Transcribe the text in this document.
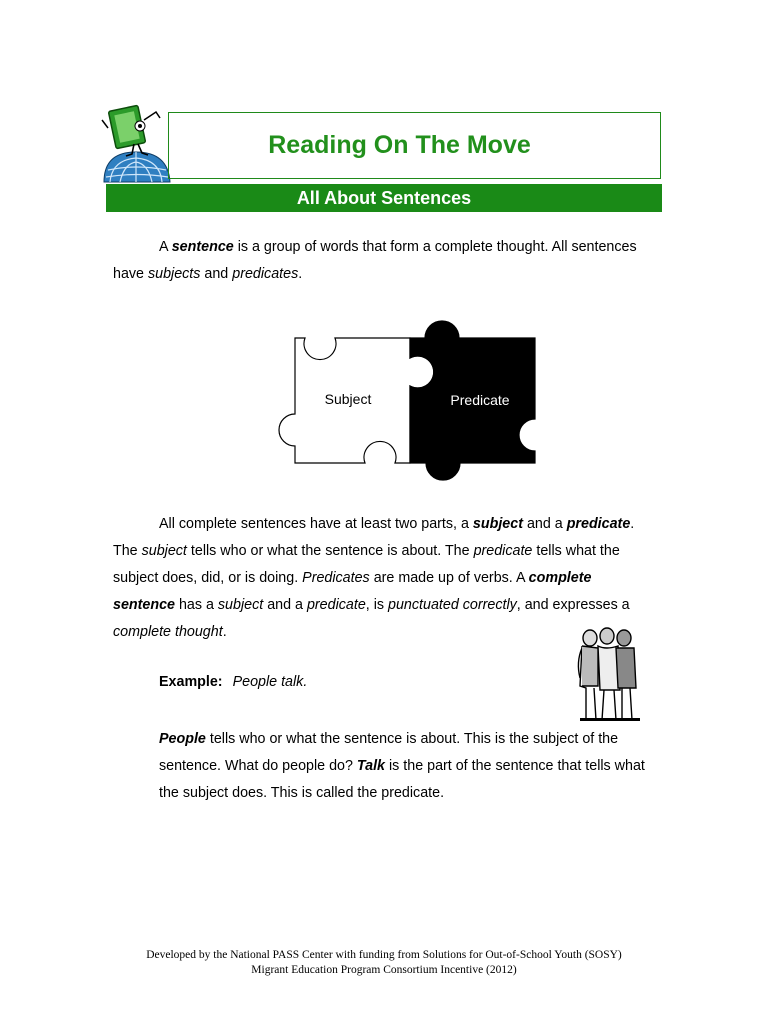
Reading On The Move
All About Sentences
A sentence is a group of words that form a complete thought. All sentences have subjects and predicates.
Subject	Predicate
All complete sentences have at least two parts, a subject and a predicate. The subject tells who or what the sentence is about. The predicate tells what the subject does, did, or is doing. Predicates are made up of verbs. A complete sentence has a subject and a predicate, is punctuated correctly, and expresses a complete thought.
Example: People talk.
People tells who or what the sentence is about. This is the subject of the sentence. What do people do? Talk is the part of the sentence that tells what the subject does. This is called the predicate.
Developed by the National PASS Center with funding from Solutions for Out-of-School Youth (SOSY)
Migrant Education Program Consortium Incentive (2012)
